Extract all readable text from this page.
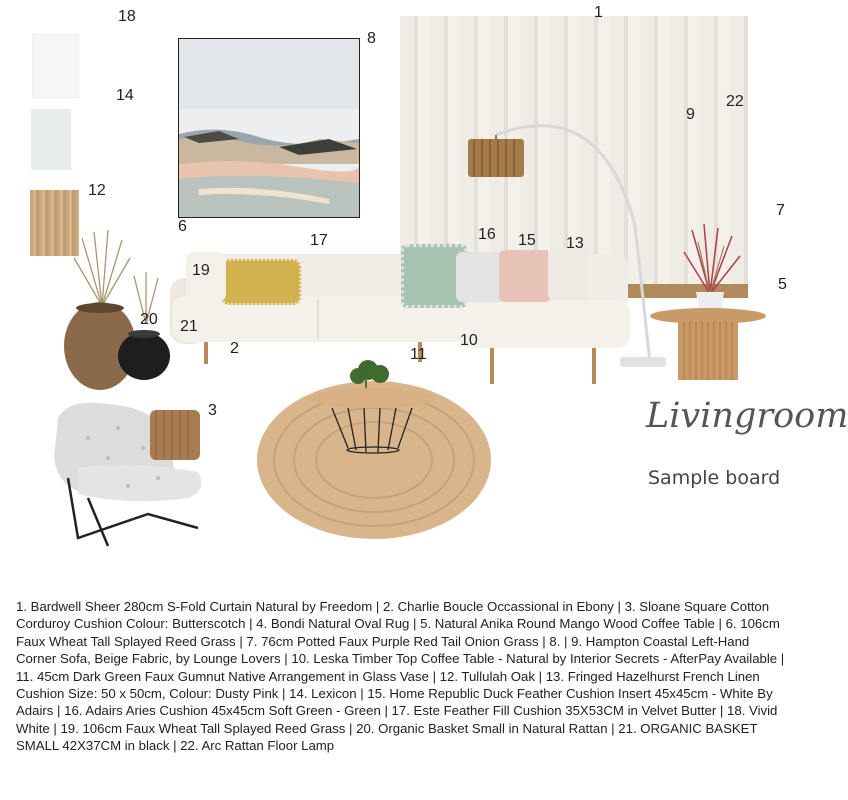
Livingroom
Sample board
18
14
12
8
6
1
9
22
7
5
17	16 15 13
19
20 21
2	11
10
3
1. Bardwell Sheer 280cm S-Fold Curtain Natural by Freedom | 2. Charlie Boucle Occassional in Ebony | 3. Sloane Square Cotton Corduroy Cushion Colour: Butterscotch | 4. Bondi Natural Oval Rug | 5. Natural Anika Round Mango Wood Coffee Table | 6. 106cm Faux Wheat Tall Splayed Reed Grass | 7. 76cm Potted Faux Purple Red Tail Onion Grass | 8. | 9. Hampton Coastal Left-Hand Corner Sofa, Beige Fabric, by Lounge Lovers | 10. Leska Timber Top Coffee Table - Natural by Interior Secrets - AfterPay Available | 11. 45cm Dark Green Faux Gumnut Native Arrangement in Glass Vase | 12. Tullulah Oak | 13. Fringed Hazelhurst French Linen Cushion Size: 50 x 50cm, Colour: Dusty Pink | 14. Lexicon | 15. Home Republic Duck Feather Cushion Insert 45x45cm - White By Adairs | 16. Adairs Aries Cushion 45x45cm Soft Green - Green | 17. Este Feather Fill Cushion 35X53CM in Velvet Butter | 18. Vivid White | 19. 106cm Faux Wheat Tall Splayed Reed Grass | 20. Organic Basket Small in Natural Rattan | 21. ORGANIC BASKET SMALL 42X37CM in black | 22. Arc Rattan Floor Lamp
